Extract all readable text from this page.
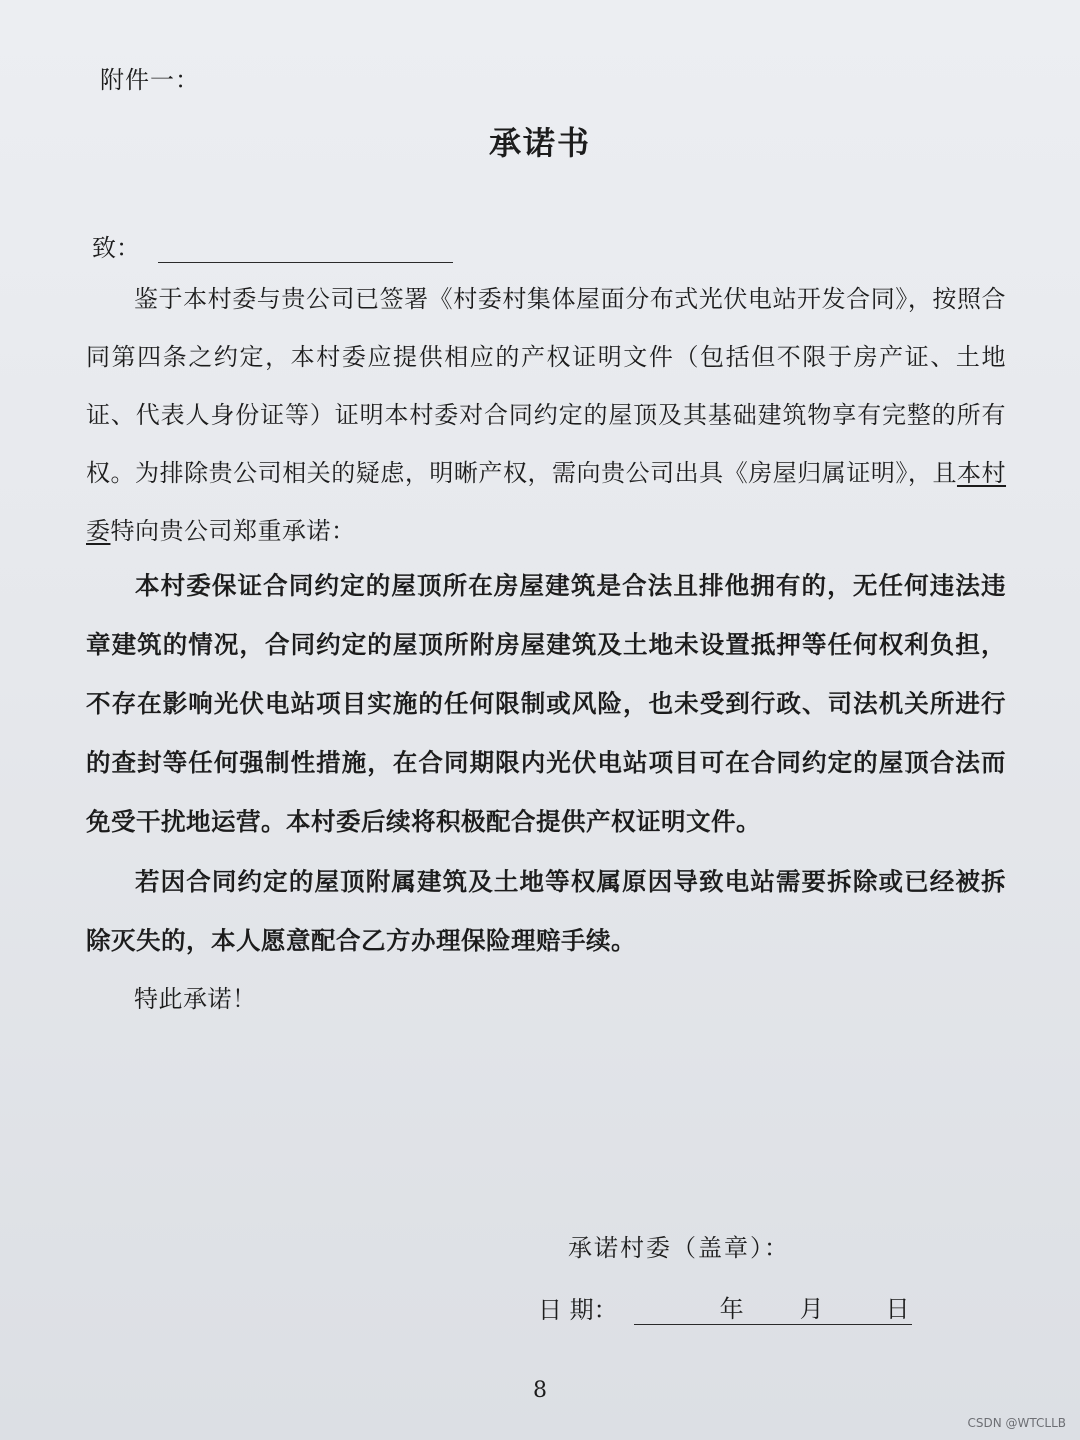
附件一：
承诺书
致：

鉴于本村委与贵公司已签署《村委村集体屋面分布式光伏电站开发合同》，按照合同第四条之约定，本村委应提供相应的产权证明文件（包括但不限于房产证、土地证、代表人身份证等）证明本村委对合同约定的屋顶及其基础建筑物享有完整的所有权。为排除贵公司相关的疑虑，明晰产权，需向贵公司出具《房屋归属证明》，且本村委特向贵公司郑重承诺：

本村委保证合同约定的屋顶所在房屋建筑是合法且排他拥有的，无任何违法违章建筑的情况，合同约定的屋顶所附房屋建筑及土地未设置抵押等任何权利负担，不存在影响光伏电站项目实施的任何限制或风险，也未受到行政、司法机关所进行的查封等任何强制性措施，在合同期限内光伏电站项目可在合同约定的屋顶合法而免受干扰地运营。本村委后续将积极配合提供产权证明文件。

若因合同约定的屋顶附属建筑及土地等权属原因导致电站需要拆除或已经被拆除灭失的，本人愿意配合乙方办理保险理赔手续。

特此承诺！

承诺村委（盖章）：
日 期：	年 月	日
8
CSDN @WTCLLB
